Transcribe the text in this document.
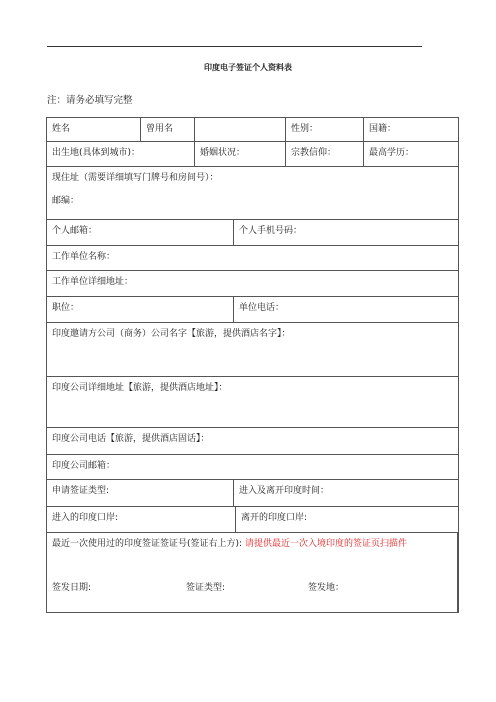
印度电子签证个人资料表
注：请务必填写完整
姓名	曾用名	性别：	国籍：
出生地(具体到城市)：	婚姻状况：	宗教信仰：	最高学历：
现住址（需要详细填写门牌号和房间号）：
邮编：
个人邮箱：	个人手机号码：
工作单位名称：
工作单位详细地址：
职位：	单位电话：
印度邀请方公司（商务）公司名字【旅游，提供酒店名字】：
印度公司详细地址【旅游，提供酒店地址】：
印度公司电话【旅游，提供酒店固话】：
印度公司邮箱：
申请签证类型:	进入及离开印度时间：
进入的印度口岸:	离开的印度口岸:
最近一次使用过的印度签证签证号(签证右上方): 请提供最近一次入境印度的签证页扫描件
签发日期:	签证类型:	签发地：
